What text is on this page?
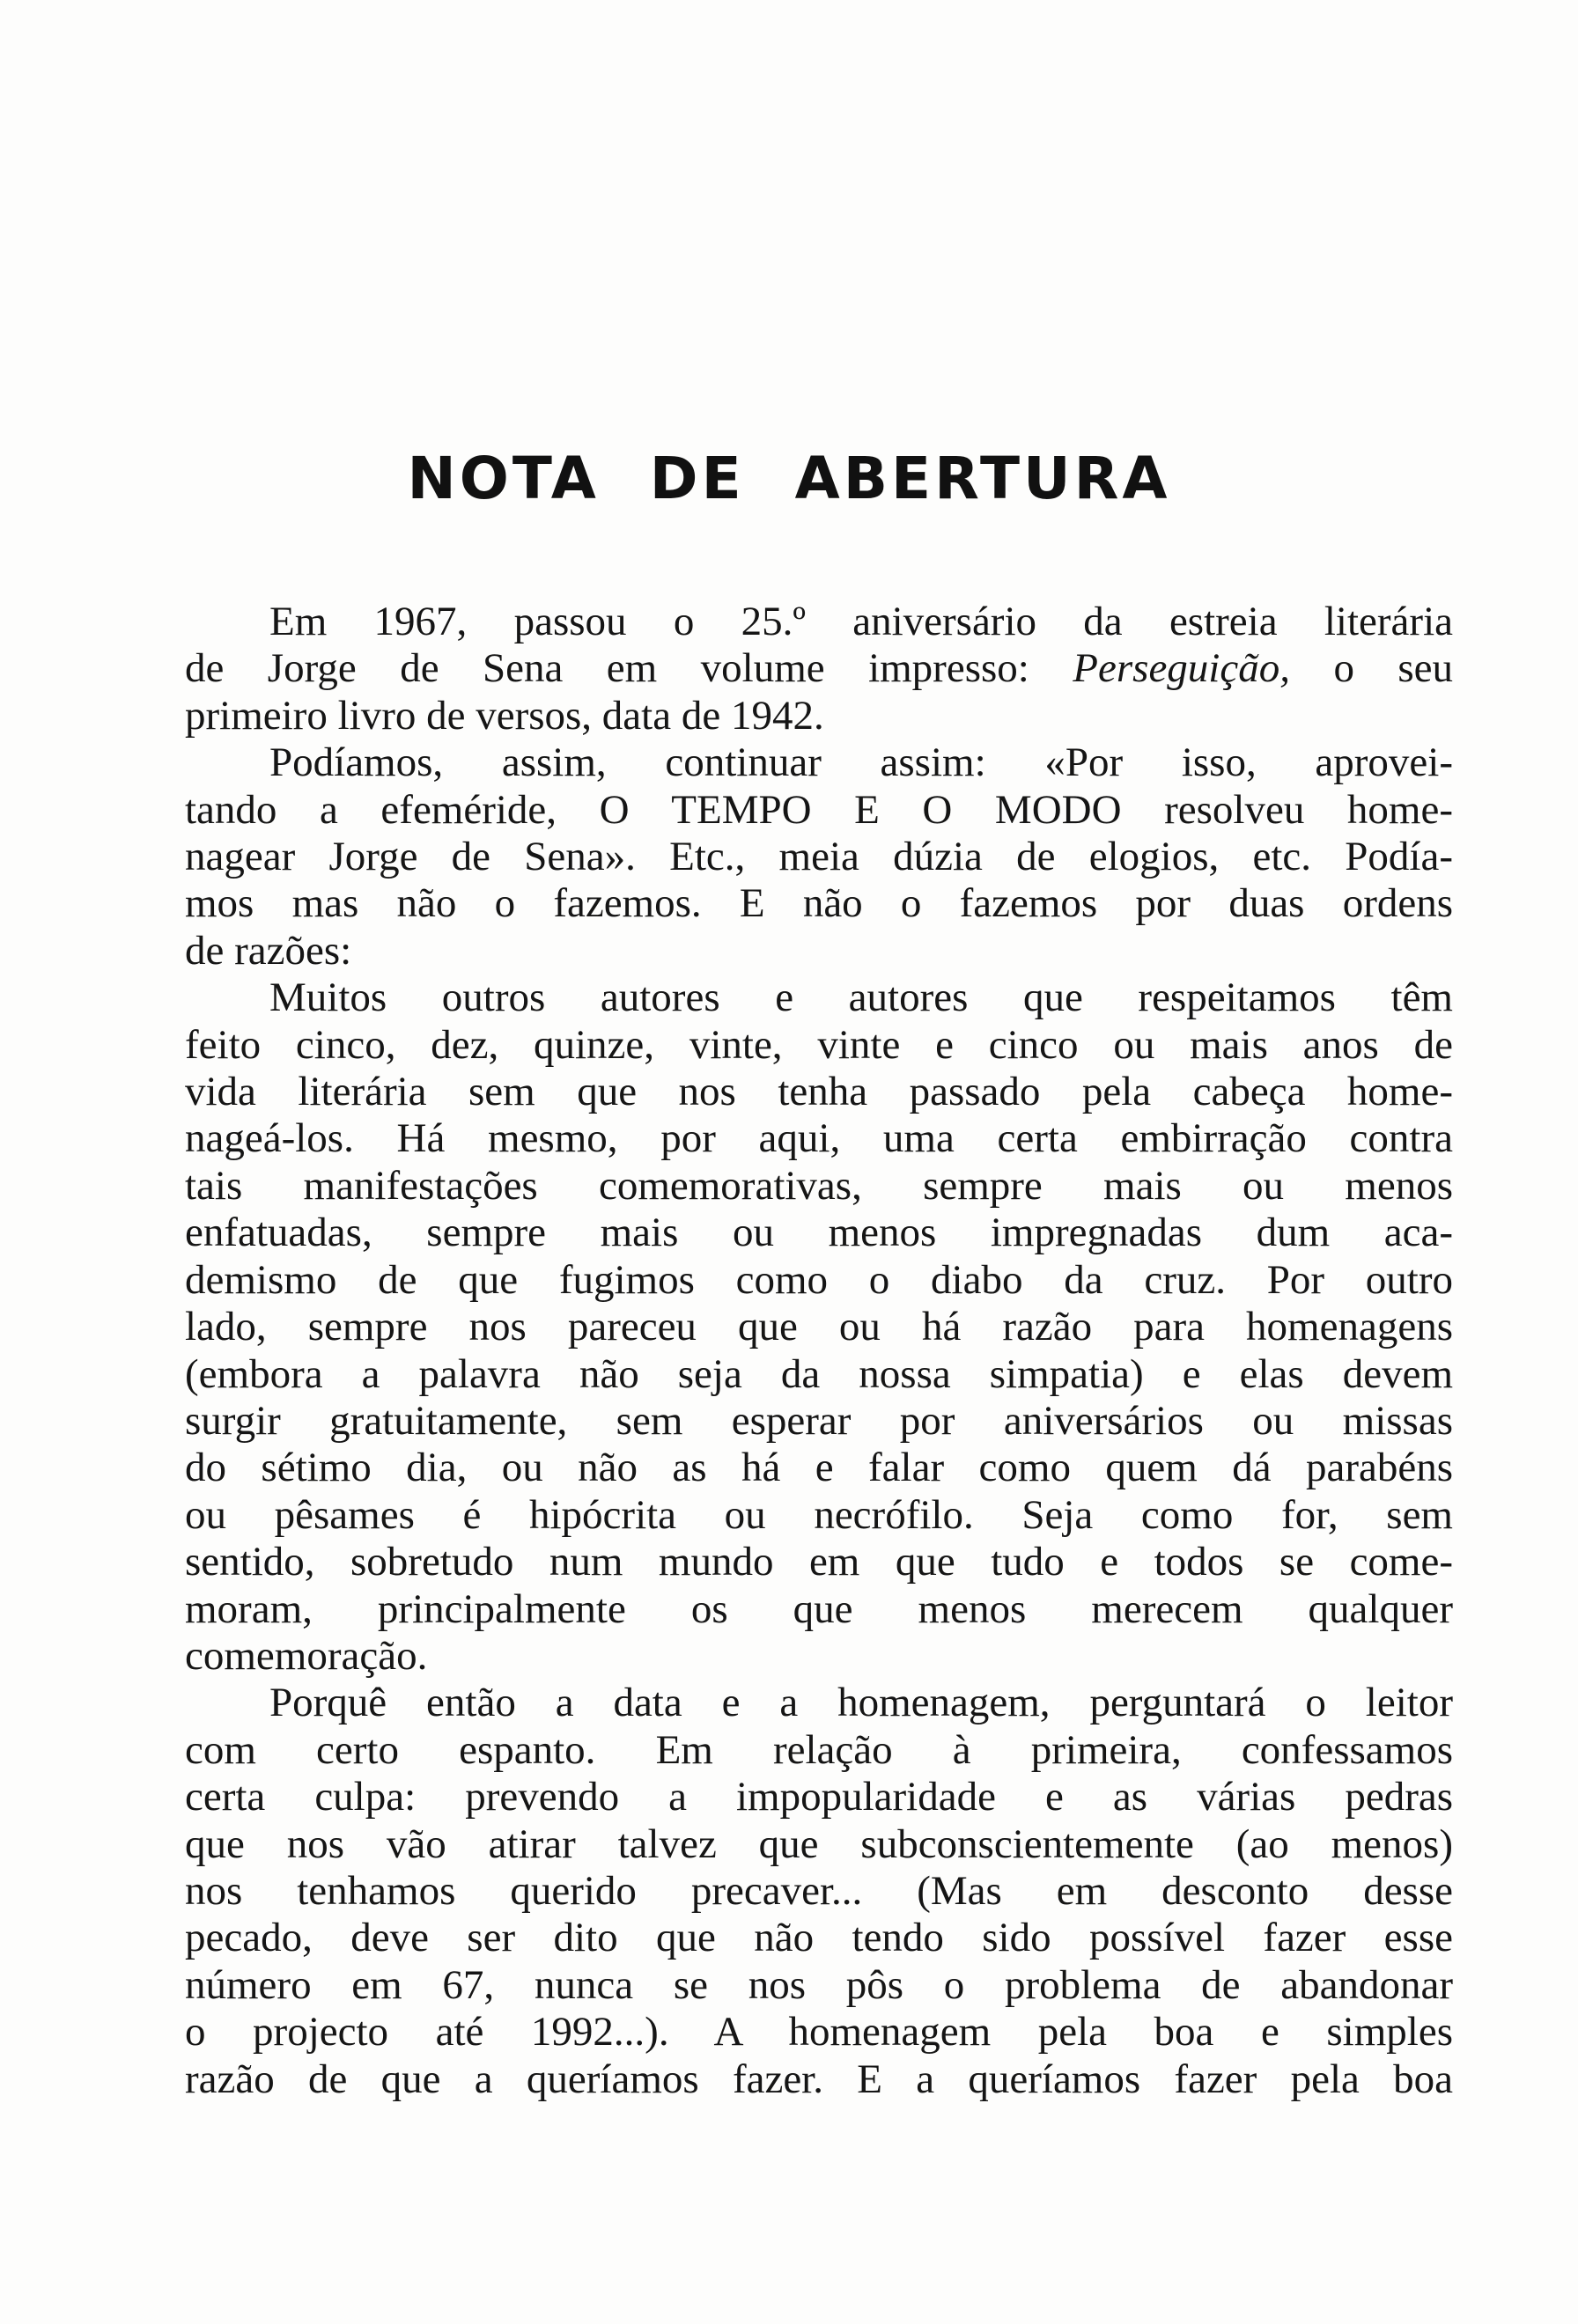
NOTA DE ABERTURA
Em 1967, passou o 25.º aniversário da estreia literária
de Jorge de Sena em volume impresso: Perseguição, o seu
primeiro livro de versos, data de 1942.
Podíamos, assim, continuar assim: «Por isso, aprovei-
tando a efeméride, O TEMPO E O MODO resolveu home-
nagear Jorge de Sena». Etc., meia dúzia de elogios, etc. Podía-
mos mas não o fazemos. E não o fazemos por duas ordens
de razões:
Muitos outros autores e autores que respeitamos têm
feito cinco, dez, quinze, vinte, vinte e cinco ou mais anos de
vida literária sem que nos tenha passado pela cabeça home-
nageá-los. Há mesmo, por aqui, uma certa embirração contra
tais manifestações comemorativas, sempre mais ou menos
enfatuadas, sempre mais ou menos impregnadas dum aca-
demismo de que fugimos como o diabo da cruz. Por outro
lado, sempre nos pareceu que ou há razão para homenagens
(embora a palavra não seja da nossa simpatia) e elas devem
surgir gratuitamente, sem esperar por aniversários ou missas
do sétimo dia, ou não as há e falar como quem dá parabéns
ou pêsames é hipócrita ou necrófilo. Seja como for, sem
sentido, sobretudo num mundo em que tudo e todos se come-
moram, principalmente os que menos merecem qualquer
comemoração.
Porquê então a data e a homenagem, perguntará o leitor
com certo espanto. Em relação à primeira, confessamos
certa culpa: prevendo a impopularidade e as várias pedras
que nos vão atirar talvez que subconscientemente (ao menos)
nos tenhamos querido precaver... (Mas em desconto desse
pecado, deve ser dito que não tendo sido possível fazer esse
número em 67, nunca se nos pôs o problema de abandonar
o projecto até 1992...). A homenagem pela boa e simples
razão de que a queríamos fazer. E a queríamos fazer pela boa
